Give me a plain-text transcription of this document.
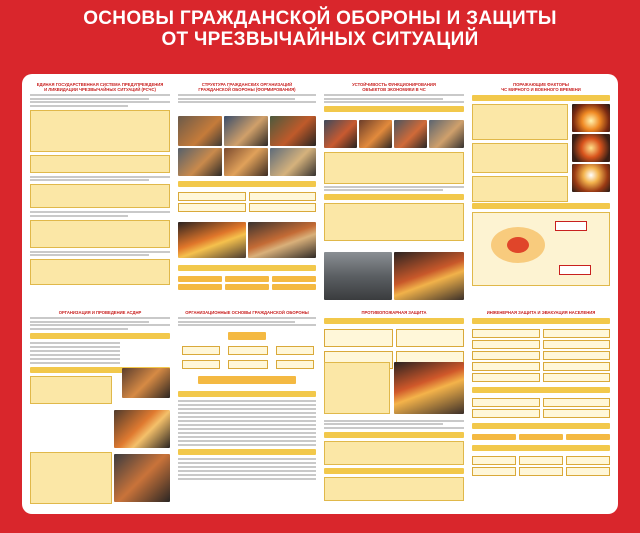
ОСНОВЫ ГРАЖДАНСКОЙ ОБОРОНЫ И ЗАЩИТЫ
ОТ ЧРЕЗВЫЧАЙНЫХ СИТУАЦИЙ
ЕДИНАЯ ГОСУДАРСТВЕННАЯ СИСТЕМА ПРЕДУПРЕЖДЕНИЯ
И ЛИКВИДАЦИИ ЧРЕЗВЫЧАЙНЫХ СИТУАЦИЙ (РСЧС)
СТРУКТУРА ГРАЖДАНСКИХ ОРГАНИЗАЦИЙ
ГРАЖДАНСКОЙ ОБОРОНЫ (ФОРМИРОВАНИЯ)
УСТОЙЧИВОСТЬ ФУНКЦИОНИРОВАНИЯ
ОБЪЕКТОВ ЭКОНОМИКИ В ЧС
ПОРАЖАЮЩИЕ ФАКТОРЫ
ЧС МИРНОГО И ВОЕННОГО ВРЕМЕНИ
ОРГАНИЗАЦИЯ И ПРОВЕДЕНИЕ АСДНР	ОРГАНИЗАЦИОННЫЕ ОСНОВЫ ГРАЖДАНСКОЙ ОБОРОНЫ	ПРОТИВОПОЖАРНАЯ ЗАЩИТА	ИНЖЕНЕРНАЯ ЗАЩИТА И ЭВАКУАЦИЯ НАСЕЛЕНИЯ
